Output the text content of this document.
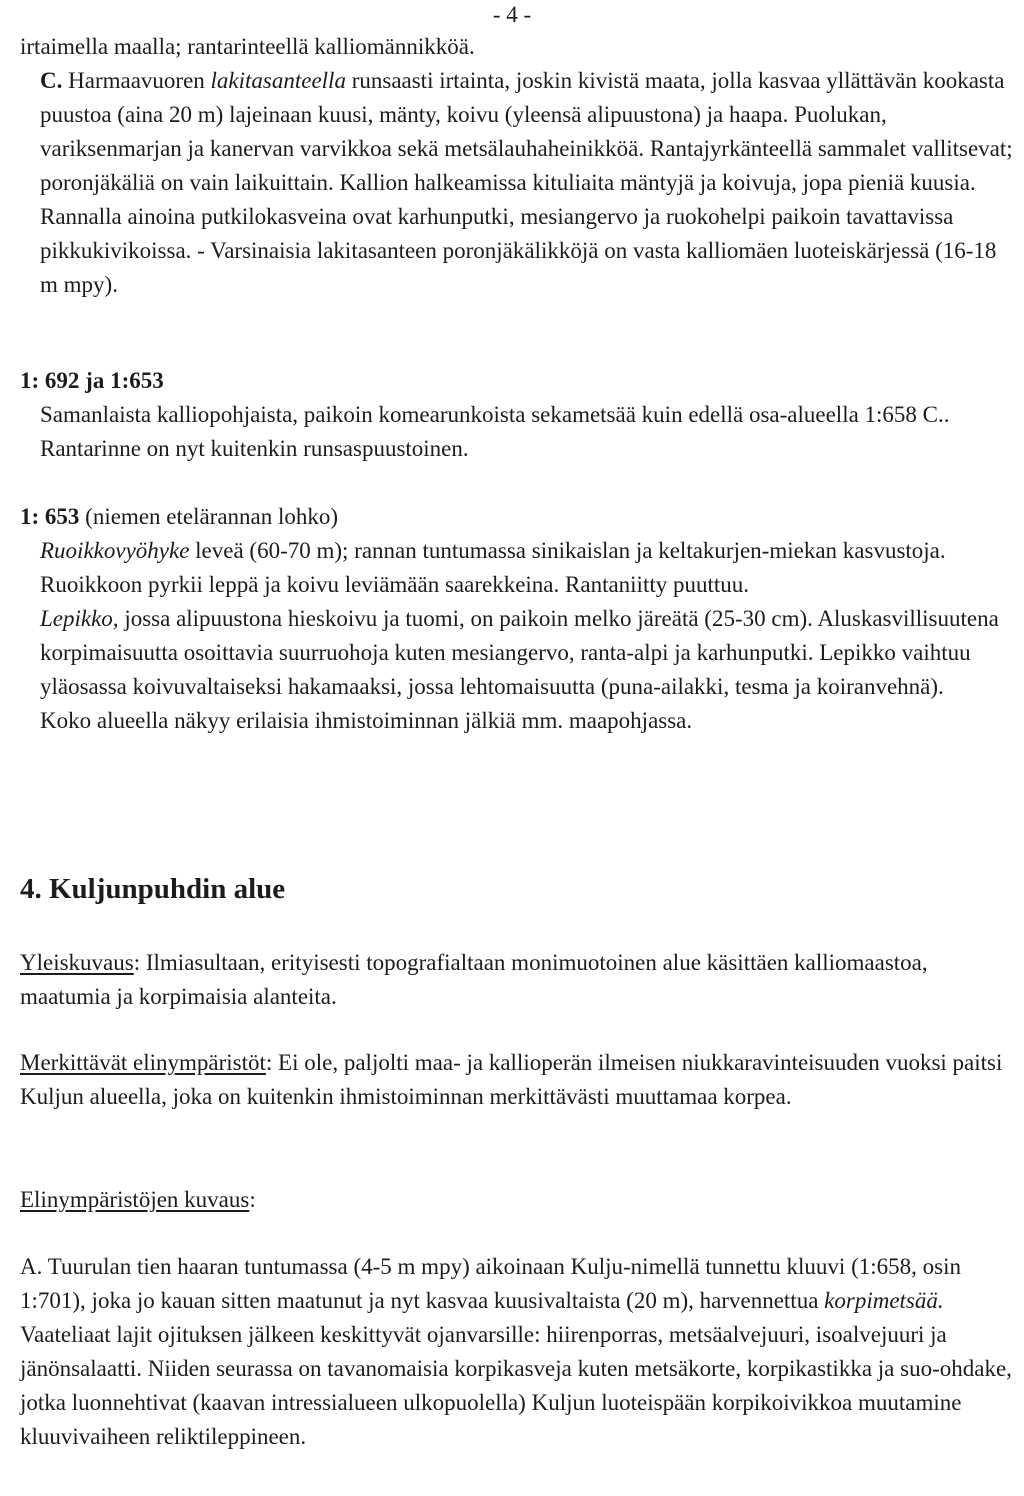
- 4 -

irtaimella maalla; rantarinteellä kalliomännikköä.

C. Harmaavuoren lakitasanteella runsaasti irtainta, joskin kivistä maata, jolla kasvaa yllättävän kookasta puustoa (aina 20 m) lajeinaan kuusi, mänty, koivu (yleensä alipuustona) ja haapa. Puolukan, variksenmarjan ja kanervan varvikkoa sekä metsälauhaheinikköä. Rantajyrkänteellä sammalet vallitsevat; poronjäkäliä on vain laikuittain. Kallion halkeamissa kituliaita mäntyjä ja koivuja, jopa pieniä kuusia. Rannalla ainoina putkilokasveina ovat karhunputki, mesiangervo ja ruokohelpi paikoin tavattavissa pikkukivikoissa. - Varsinaisia lakitasanteen poronjäkälikköjä on vasta kalliomäen luoteiskärjessä (16-18 m mpy).

1: 692 ja 1:653

Samanlaista kalliopohjaista, paikoin komearunkoista sekametsää kuin edellä osa-alueella 1:658 C.. Rantarinne on nyt kuitenkin runsaspuustoinen.

1: 653 (niemen etelärannan lohko)

Ruoikkovyöhyke leveä (60-70 m); rannan tuntumassa sinikaislan ja keltakurjen-miekan kasvustoja. Ruoikkoon pyrkii leppä ja koivu leviämään saarekkeina. Rantaniitty puuttuu.

Lepikko, jossa alipuustona hieskoivu ja tuomi, on paikoin melko järeätä (25-30 cm). Aluskasvillisuutena korpimaisuutta osoittavia suurruohoja kuten mesiangervo, ranta-alpi ja karhunputki. Lepikko vaihtuu yläosassa koivuvaltaiseksi hakamaaksi, jossa lehtomaisuutta (puna-ailakki, tesma ja koiranvehnä).

Koko alueella näkyy erilaisia ihmistoiminnan jälkiä mm. maapohjassa.

4. Kuljunpuhdin alue

Yleiskuvaus: Ilmiasultaan, erityisesti topografialtaan monimuotoinen alue käsittäen kalliomaastoa, maatumia ja korpimaisia alanteita.

Merkittävät elinympäristöt: Ei ole, paljolti maa- ja kallioperän ilmeisen niukkaravinteisuuden vuoksi paitsi Kuljun alueella, joka on kuitenkin ihmistoiminnan merkittävästi muuttamaa korpea.

Elinympäristöjen kuvaus:

A. Tuurulan tien haaran tuntumassa (4-5 m mpy) aikoinaan Kulju-nimellä tunnettu kluuvi (1:658, osin 1:701), joka jo kauan sitten maatunut ja nyt kasvaa kuusivaltaista (20 m), harvennettua korpimetsää. Vaateliaat lajit ojituksen jälkeen keskittyvät ojanvarsille: hiirenporras, metsäalvejuuri, isoalvejuuri ja jänönsalaatti. Niiden seurassa on tavanomaisia korpikasveja kuten metsäkorte, korpikastikka ja suo-ohdake, jotka luonnehtivat (kaavan intressialueen ulkopuolella) Kuljun luoteispään korpikoivikkoa muutamine kluuvivaiheen reliktileppineen.
